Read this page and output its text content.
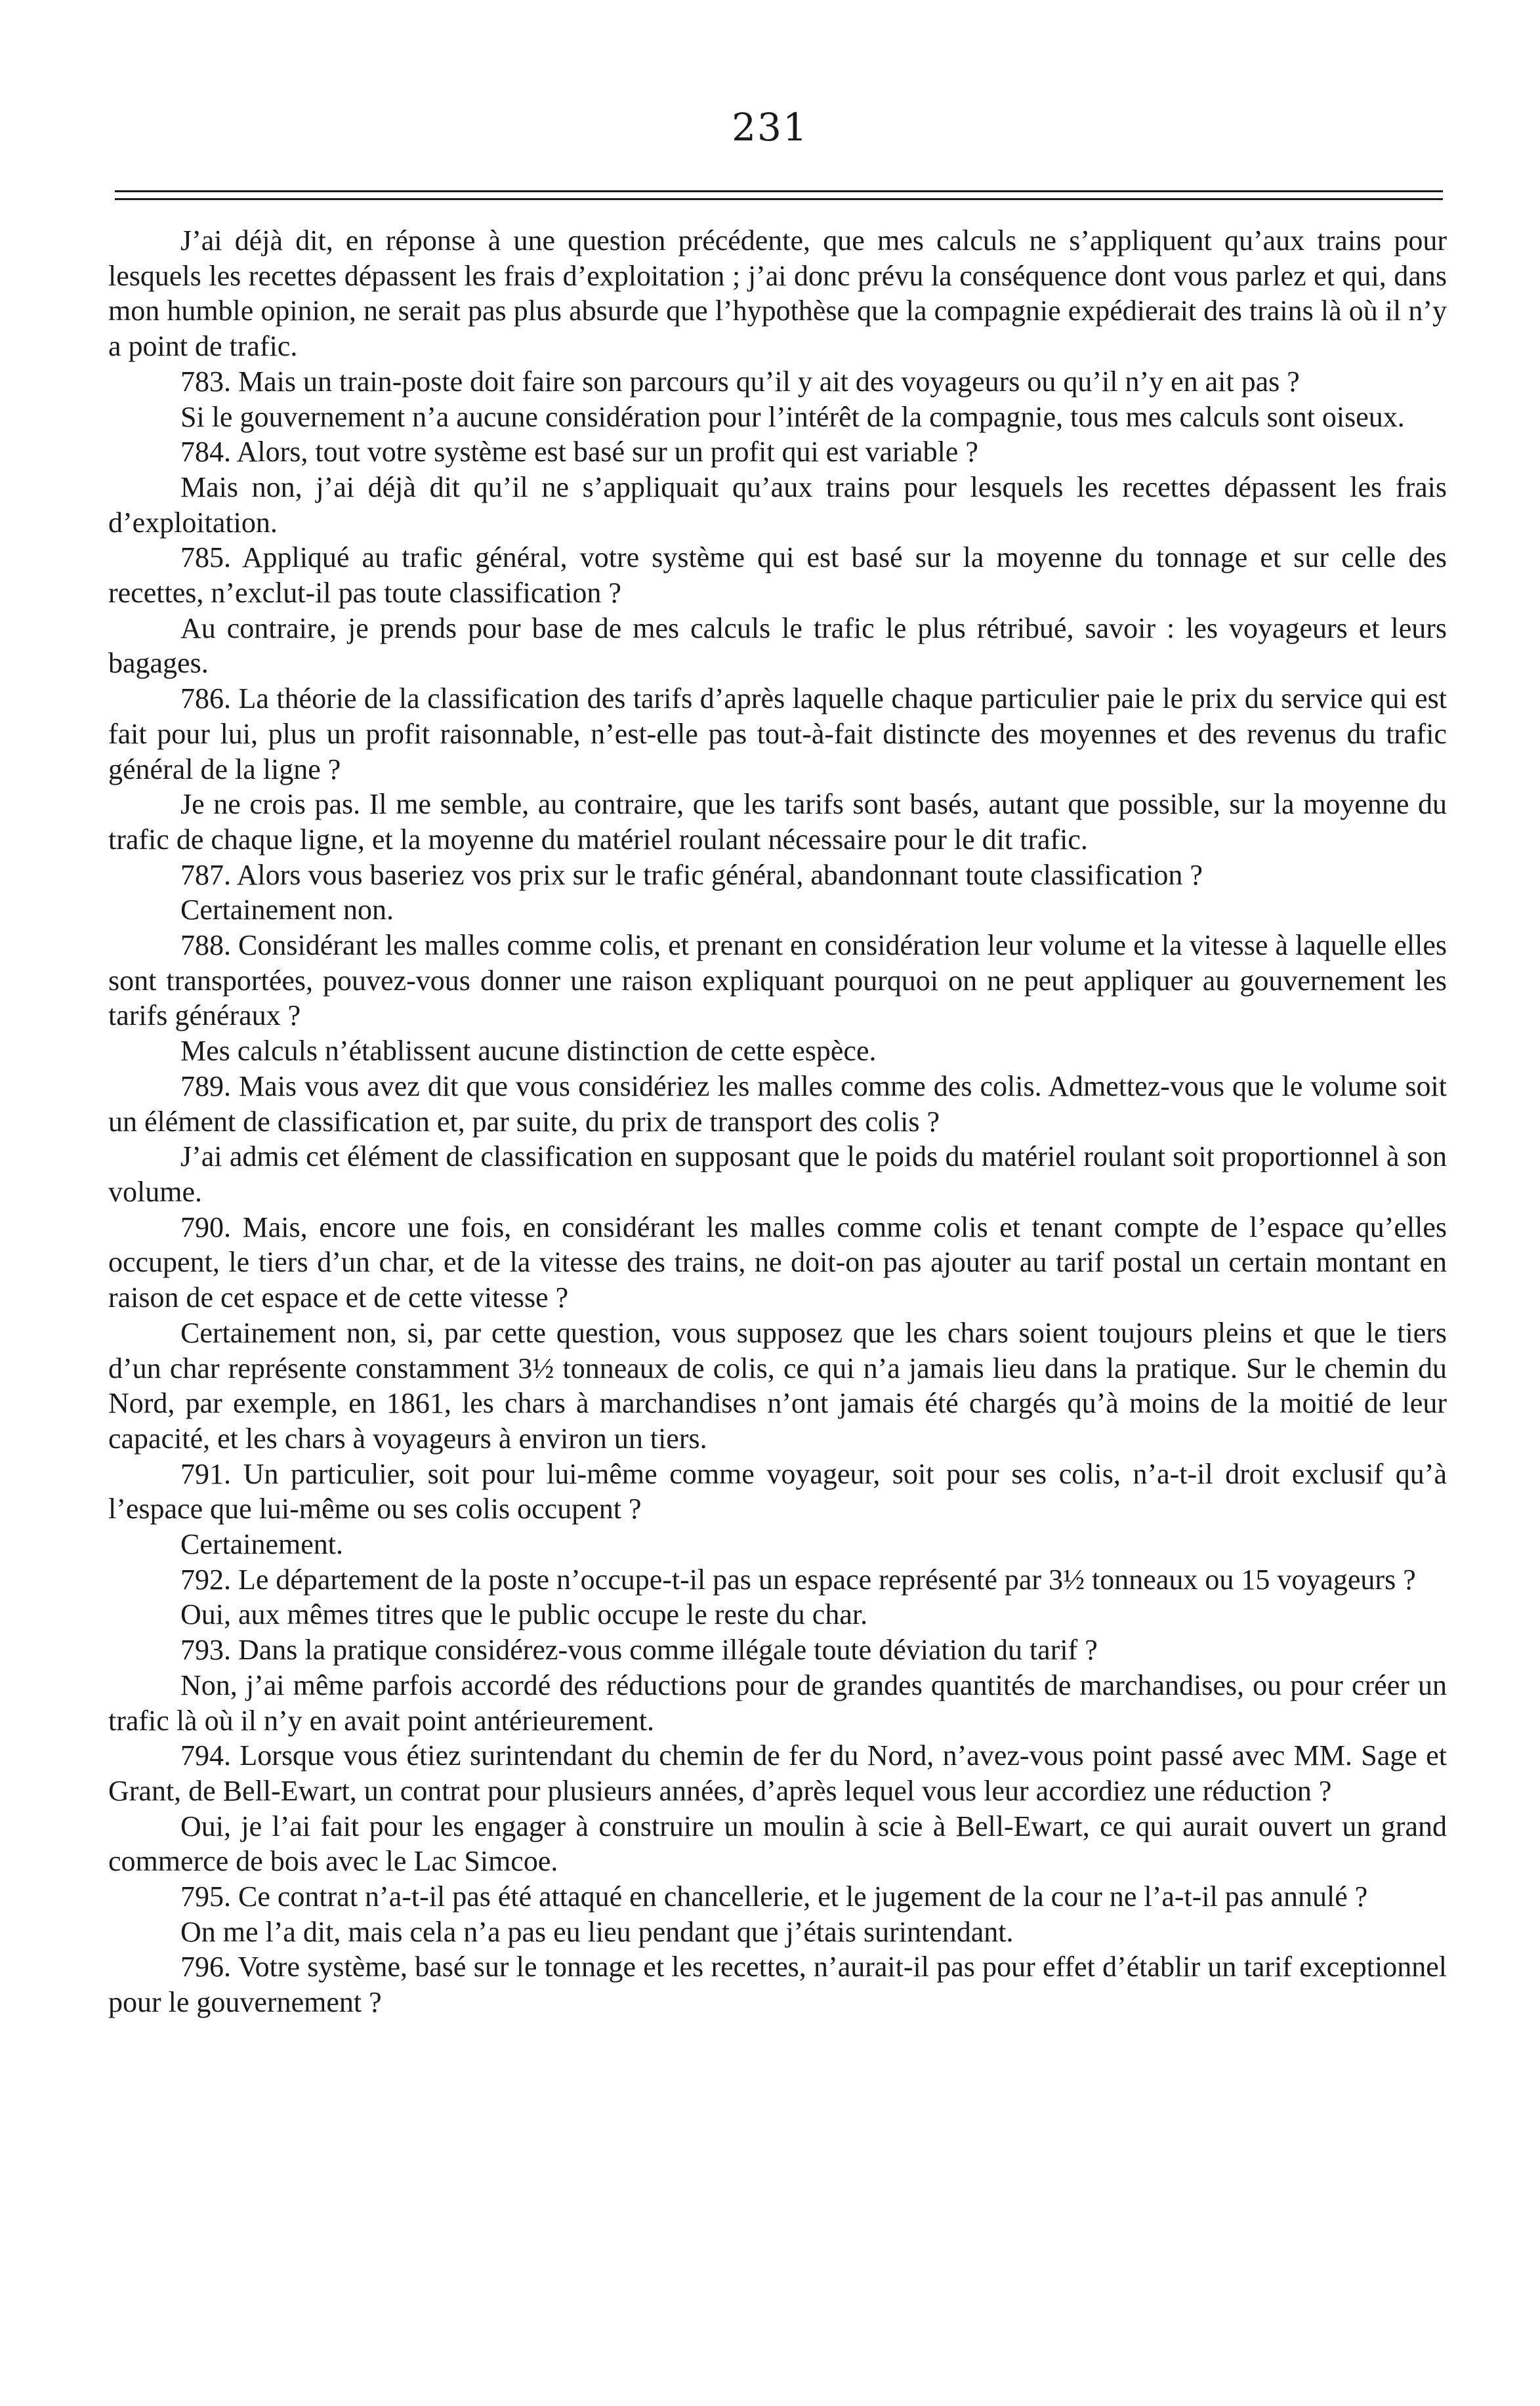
231

J’ai déjà dit, en réponse à une question précédente, que mes calculs ne s’appliquent qu’aux trains pour lesquels les recettes dépassent les frais d’exploitation ; j’ai donc prévu la conséquence dont vous parlez et qui, dans mon humble opinion, ne serait pas plus absurde que l’hypothèse que la compagnie expédierait des trains là où il n’y a point de trafic.

783. Mais un train-poste doit faire son parcours qu’il y ait des voyageurs ou qu’il n’y en ait pas ?

Si le gouvernement n’a aucune considération pour l’intérêt de la compagnie, tous mes calculs sont oiseux.

784. Alors, tout votre système est basé sur un profit qui est variable ?

Mais non, j’ai déjà dit qu’il ne s’appliquait qu’aux trains pour lesquels les recettes dépassent les frais d’exploitation.

785. Appliqué au trafic général, votre système qui est basé sur la moyenne du tonnage et sur celle des recettes, n’exclut-il pas toute classification ?

Au contraire, je prends pour base de mes calculs le trafic le plus rétribué, savoir : les voyageurs et leurs bagages.

786. La théorie de la classification des tarifs d’après laquelle chaque particulier paie le prix du service qui est fait pour lui, plus un profit raisonnable, n’est-elle pas tout-à-fait distincte des moyennes et des revenus du trafic général de la ligne ?

Je ne crois pas. Il me semble, au contraire, que les tarifs sont basés, autant que possible, sur la moyenne du trafic de chaque ligne, et la moyenne du matériel roulant nécessaire pour le dit trafic.

787. Alors vous baseriez vos prix sur le trafic général, abandonnant toute classification ?

Certainement non.

788. Considérant les malles comme colis, et prenant en considération leur volume et la vitesse à laquelle elles sont transportées, pouvez-vous donner une raison expliquant pourquoi on ne peut appliquer au gouvernement les tarifs généraux ?

Mes calculs n’établissent aucune distinction de cette espèce.

789. Mais vous avez dit que vous considériez les malles comme des colis. Admettez-vous que le volume soit un élément de classification et, par suite, du prix de transport des colis ?

J’ai admis cet élément de classification en supposant que le poids du matériel roulant soit proportionnel à son volume.

790. Mais, encore une fois, en considérant les malles comme colis et tenant compte de l’espace qu’elles occupent, le tiers d’un char, et de la vitesse des trains, ne doit-on pas ajouter au tarif postal un certain montant en raison de cet espace et de cette vitesse ?

Certainement non, si, par cette question, vous supposez que les chars soient toujours pleins et que le tiers d’un char représente constamment 3½ tonneaux de colis, ce qui n’a jamais lieu dans la pratique. Sur le chemin du Nord, par exemple, en 1861, les chars à marchandises n’ont jamais été chargés qu’à moins de la moitié de leur capacité, et les chars à voyageurs à environ un tiers.

791. Un particulier, soit pour lui-même comme voyageur, soit pour ses colis, n’a-t-il droit exclusif qu’à l’espace que lui-même ou ses colis occupent ?

Certainement.

792. Le département de la poste n’occupe-t-il pas un espace représenté par 3½ tonneaux ou 15 voyageurs ?

Oui, aux mêmes titres que le public occupe le reste du char.

793. Dans la pratique considérez-vous comme illégale toute déviation du tarif ?

Non, j’ai même parfois accordé des réductions pour de grandes quantités de marchandises, ou pour créer un trafic là où il n’y en avait point antérieurement.

794. Lorsque vous étiez surintendant du chemin de fer du Nord, n’avez-vous point passé avec MM. Sage et Grant, de Bell-Ewart, un contrat pour plusieurs années, d’après lequel vous leur accordiez une réduction ?

Oui, je l’ai fait pour les engager à construire un moulin à scie à Bell-Ewart, ce qui aurait ouvert un grand commerce de bois avec le Lac Simcoe.

795. Ce contrat n’a-t-il pas été attaqué en chancellerie, et le jugement de la cour ne l’a-t-il pas annulé ?

On me l’a dit, mais cela n’a pas eu lieu pendant que j’étais surintendant.

796. Votre système, basé sur le tonnage et les recettes, n’aurait-il pas pour effet d’établir un tarif exceptionnel pour le gouvernement ?
